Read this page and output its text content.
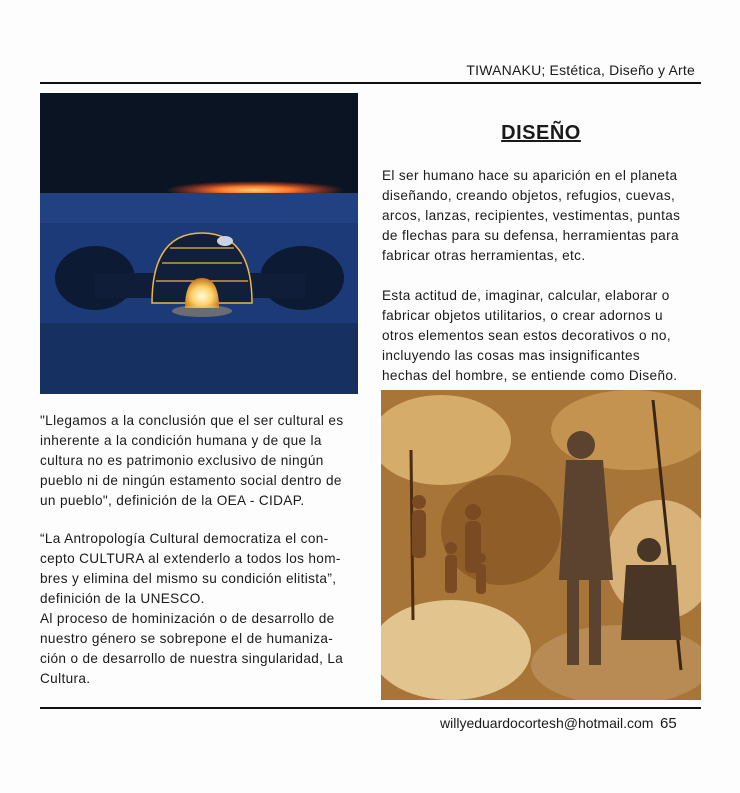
TIWANAKU; Estética, Diseño y Arte
DISEÑO

El ser humano hace su aparición en el planeta
diseñando, creando objetos, refugios, cuevas,
arcos, lanzas, recipientes, vestimentas, puntas
de flechas para su defensa, herramientas para
fabricar otras herramientas, etc.

Esta actitud de, imaginar, calcular, elaborar o
fabricar objetos utilitarios, o crear adornos u
otros elementos sean estos decorativos o no,
incluyendo las cosas mas insignificantes
hechas del hombre, se entiende como Diseño.

"Llegamos a la conclusión que el ser cultural es
inherente a la condición humana y de que la
cultura no es patrimonio exclusivo de ningún
pueblo ni de ningún estamento social dentro de
un pueblo", definición de la OEA - CIDAP.

“La Antropología Cultural democratiza el con-
cepto CULTURA al extenderlo a todos los hom-
bres y elimina del mismo su condición elitista”,
definición de la UNESCO.

Al proceso de hominización o de desarrollo de
nuestro género se sobrepone el de humaniza-
ción o de desarrollo de nuestra singularidad, La
Cultura.

willyeduardocortesh@hotmail.com 65
